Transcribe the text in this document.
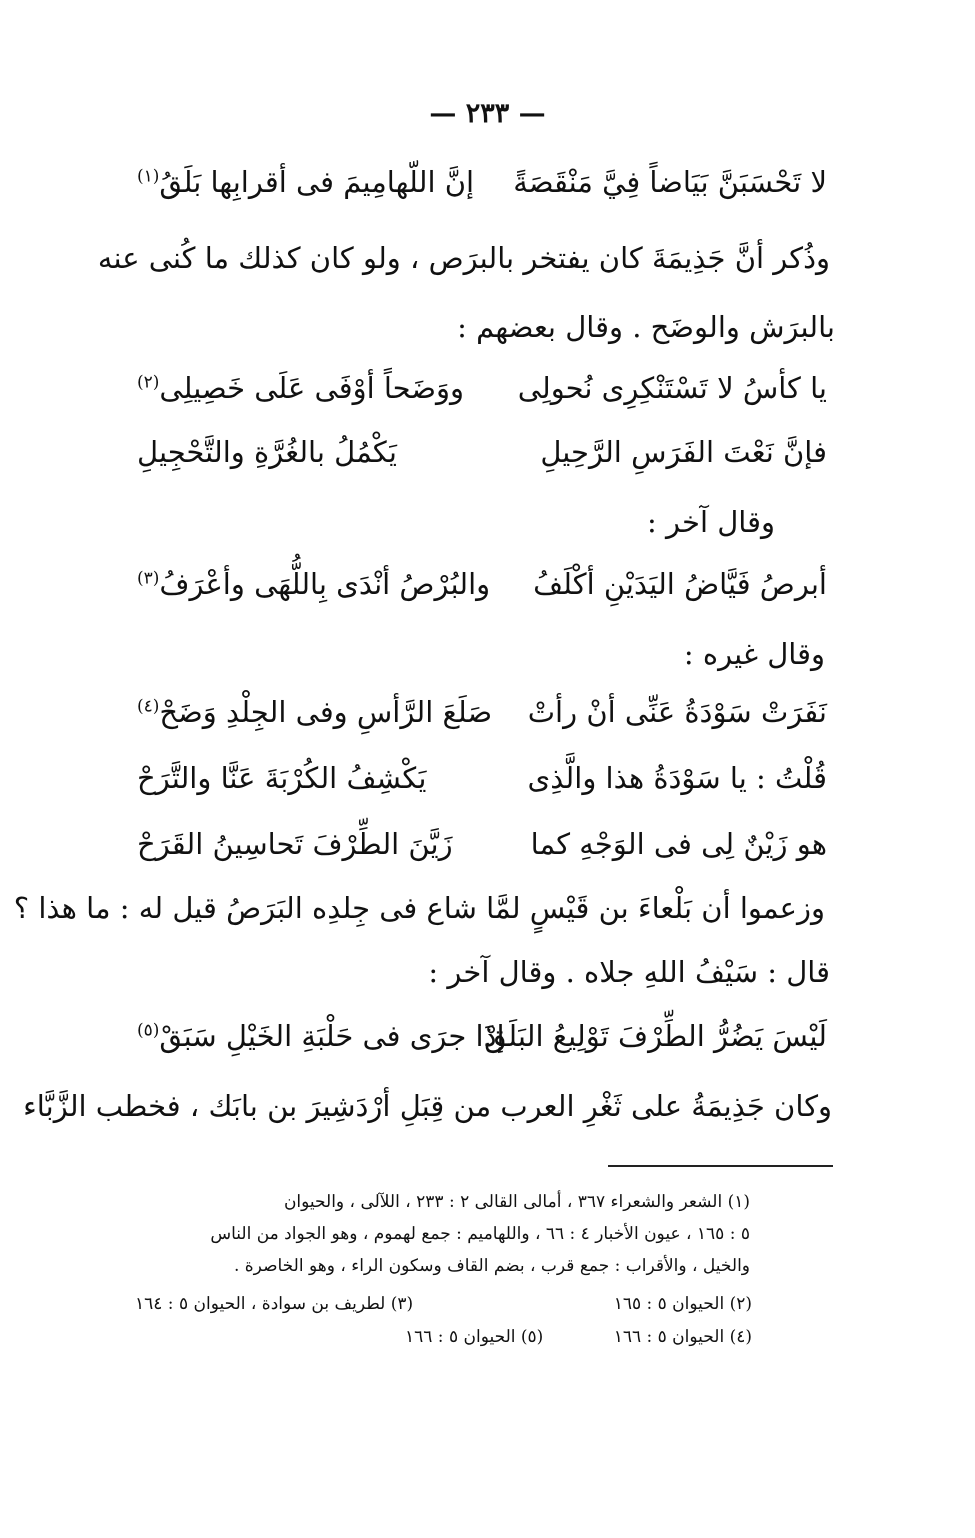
— ٢٣٣ —
لا تَحْسَبَنَّ بَيَاضاً فِيَّ مَنْقَصَةً
إنَّ اللّهامِيمَ فى أقرابِها بَلَقُ$^{(١)}$
وذُكر أنَّ جَذِيمَةَ كان يفتخر بالبرَص ، ولو كان كذلك ما كُنى عنه
بالبرَش والوضَح . وقال بعضهم :
يا كأسُ لا تَسْتَنْكِرِى نُحولِى
ووَضَحاً أوْفَى عَلَى خَصِيلِى$^{(٢)}$
فإنَّ نَعْتَ الفَرَسِ الرَّحِيلِ
يَكْمُلُ بالغُرَّةِ والتَّحْجِيلِ
وقال آخر :
أبرصُ فَيَّاضُ اليَدَيْنِ أكْلَفُ
والبُرْصُ أنْدَى بِاللُّهَى وأعْرَفُ$^{(٣)}$
وقال غيره :
نَفَرَتْ سَوْدَةُ عَنِّى أنْ رأتْ
صَلَعَ الرَّأسِ وفى الجِلْدِ وَضَحْ$^{(٤)}$
قُلْتُ : يا سَوْدَةُ هذا والَّذِى
يَكْشِفُ الكُرْبَةَ عَنَّا والتَّرَحْ
هو زَيْنٌ لِى فى الوَجْهِ كما
زَيَّنَ الطِّرْفَ تَحاسِينُ القَرَحْ
وزعموا أن بَلْعاءَ بن قَيْسٍ لمَّا شاع فى جِلدِه البَرَصُ قيل له : ما هذا ؟
قال : سَيْفُ اللهِ جلاه . وقال آخر :
لَيْسَ يَضُرُّ الطِّرْفَ تَوْلِيعُ البَلَقْ
إذَا جرَى فى حَلْبَةِ الخَيْلِ سَبَقْ$^{(٥)}$
وكان جَذِيمَةُ على ثَغْرِ العرب من قِبَلِ أرْدَشِيرَ بن بابَك ، فخطب الزَّبَّاء
(١) الشعر والشعراء ٣٦٧ ، أمالى القالى ٢ : ٢٣٣ ، اللآلى ، والحيوان
٥ : ١٦٥ ، عيون الأخبار ٤ : ٦٦ ، واللهاميم : جمع لهموم ، وهو الجواد من الناس
والخيل ، والأقراب : جمع قرب ، بضم القاف وسكون الراء ، وهو الخاصرة .
(٢) الحيوان ٥ : ١٦٥
(٣) لطريف بن سوادة ، الحيوان ٥ : ١٦٤
(٤) الحيوان ٥ : ١٦٦
(٥) الحيوان ٥ : ١٦٦
